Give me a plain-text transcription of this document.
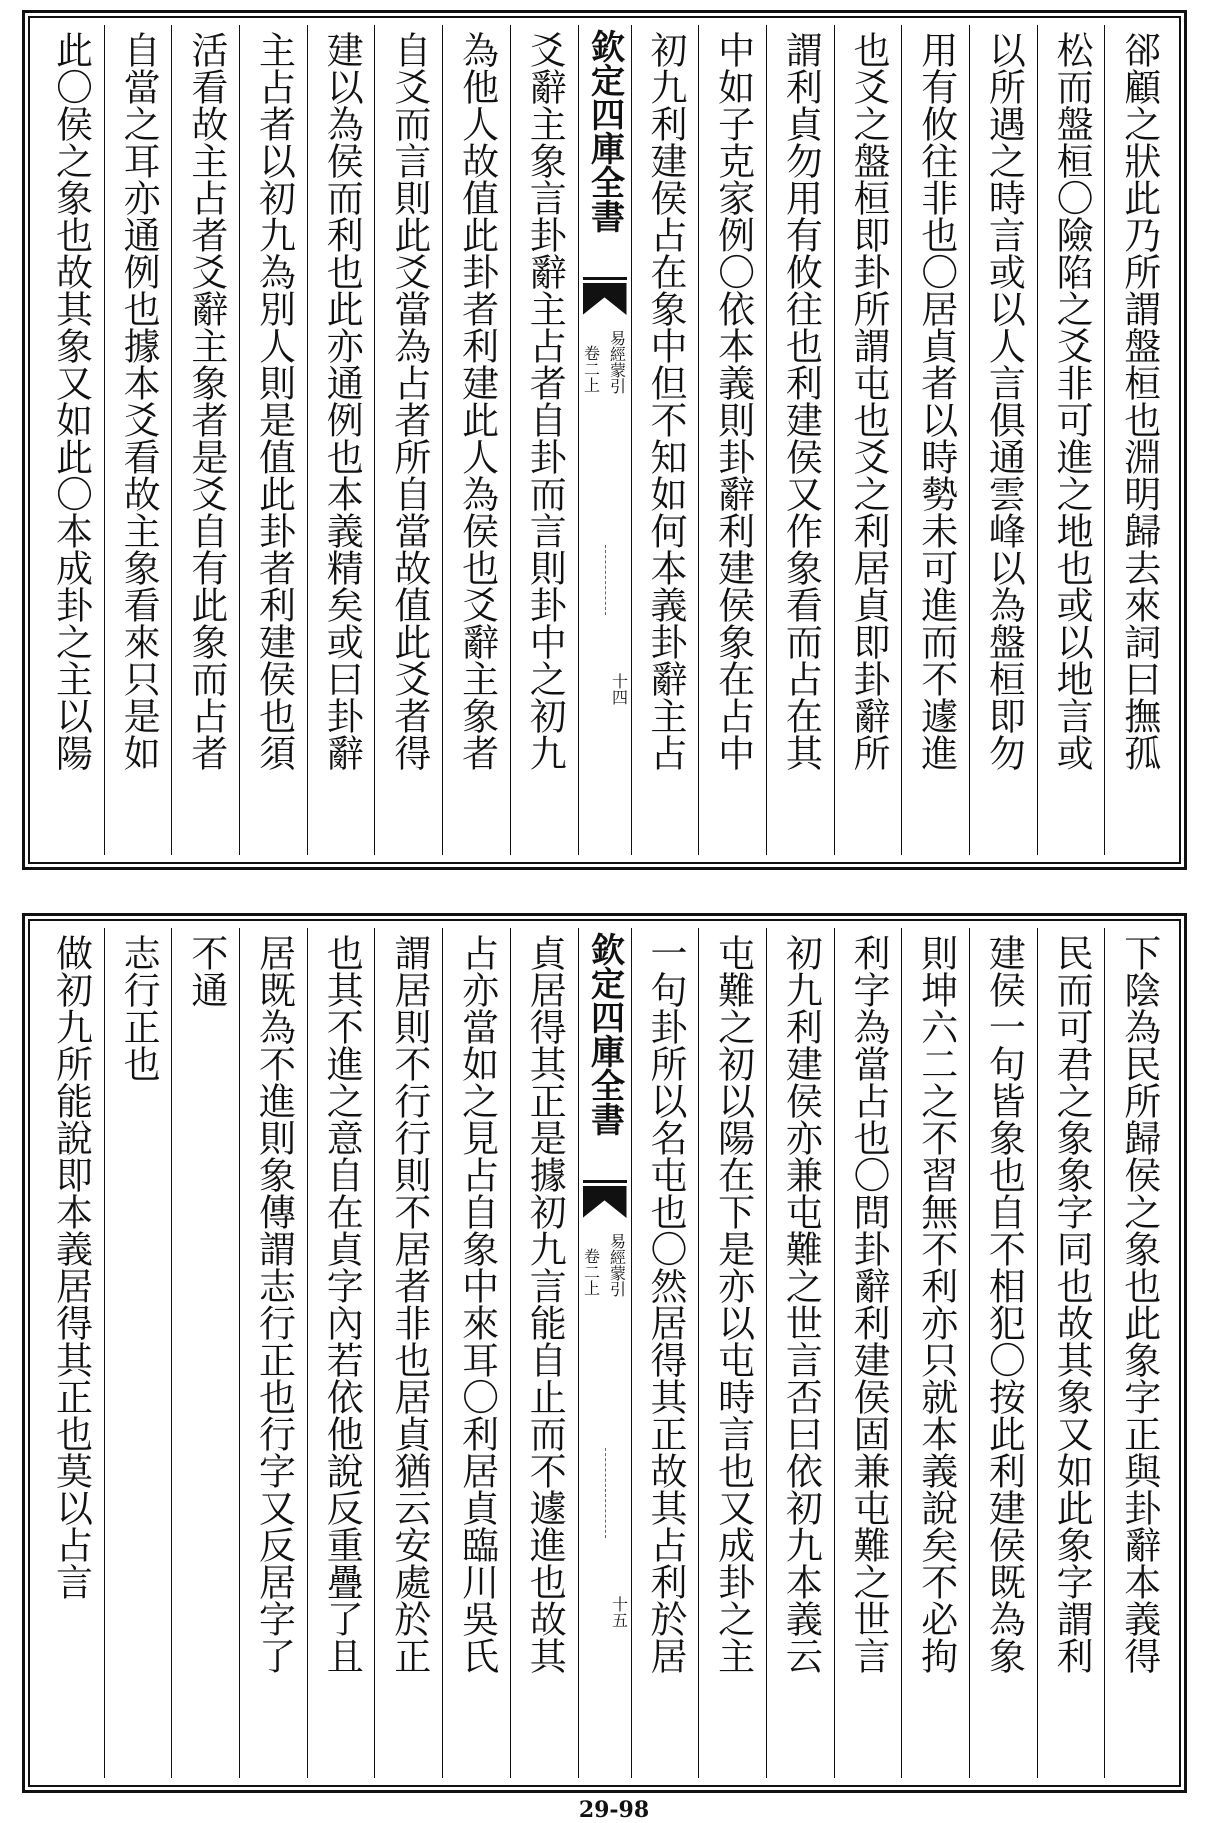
郤顧之狀此乃所謂盤桓也淵明歸去來詞曰撫孤
松而盤桓〇險陷之爻非可進之地也或以地言或
以所遇之時言或以人言俱通雲峰以為盤桓即勿
用有攸往非也〇居貞者以時勢未可進而不遽進
也爻之盤桓即卦所謂屯也爻之利居貞即卦辭所
謂利貞勿用有攸往也利建侯又作象看而占在其
中如子克家例〇依本義則卦辭利建侯象在占中
初九利建侯占在象中但不知如何本義卦辭主占
欽定四庫全書
易經蒙引
卷二上
十四
爻辭主象言卦辭主占者自卦而言則卦中之初九
為他人故值此卦者利建此人為侯也爻辭主象者
自爻而言則此爻當為占者所自當故值此爻者得
建以為侯而利也此亦通例也本義精矣或曰卦辭
主占者以初九為別人則是值此卦者利建侯也須
活看故主占者爻辭主象者是爻自有此象而占者
自當之耳亦通例也據本爻看故主象看來只是如
此〇侯之象也故其象又如此〇本成卦之主以陽
下陰為民所歸侯之象也此象字正與卦辭本義得
民而可君之象象字同也故其象又如此象字謂利
建侯一句皆象也自不相犯〇按此利建侯既為象
則坤六二之不習無不利亦只就本義說矣不必拘
利字為當占也〇問卦辭利建侯固兼屯難之世言
初九利建侯亦兼屯難之世言否曰依初九本義云
屯難之初以陽在下是亦以屯時言也又成卦之主
一句卦所以名屯也〇然居得其正故其占利於居
欽定四庫全書
易經蒙引
卷二上
十五
貞居得其正是據初九言能自止而不遽進也故其
占亦當如之見占自象中來耳〇利居貞臨川吳氏
謂居則不行行則不居者非也居貞猶云安處於正
也其不進之意自在貞字內若依他說反重疊了且
居既為不進則象傳謂志行正也行字又反居字了
不通
志行正也
做初九所能說即本義居得其正也莫以占言
29-98
